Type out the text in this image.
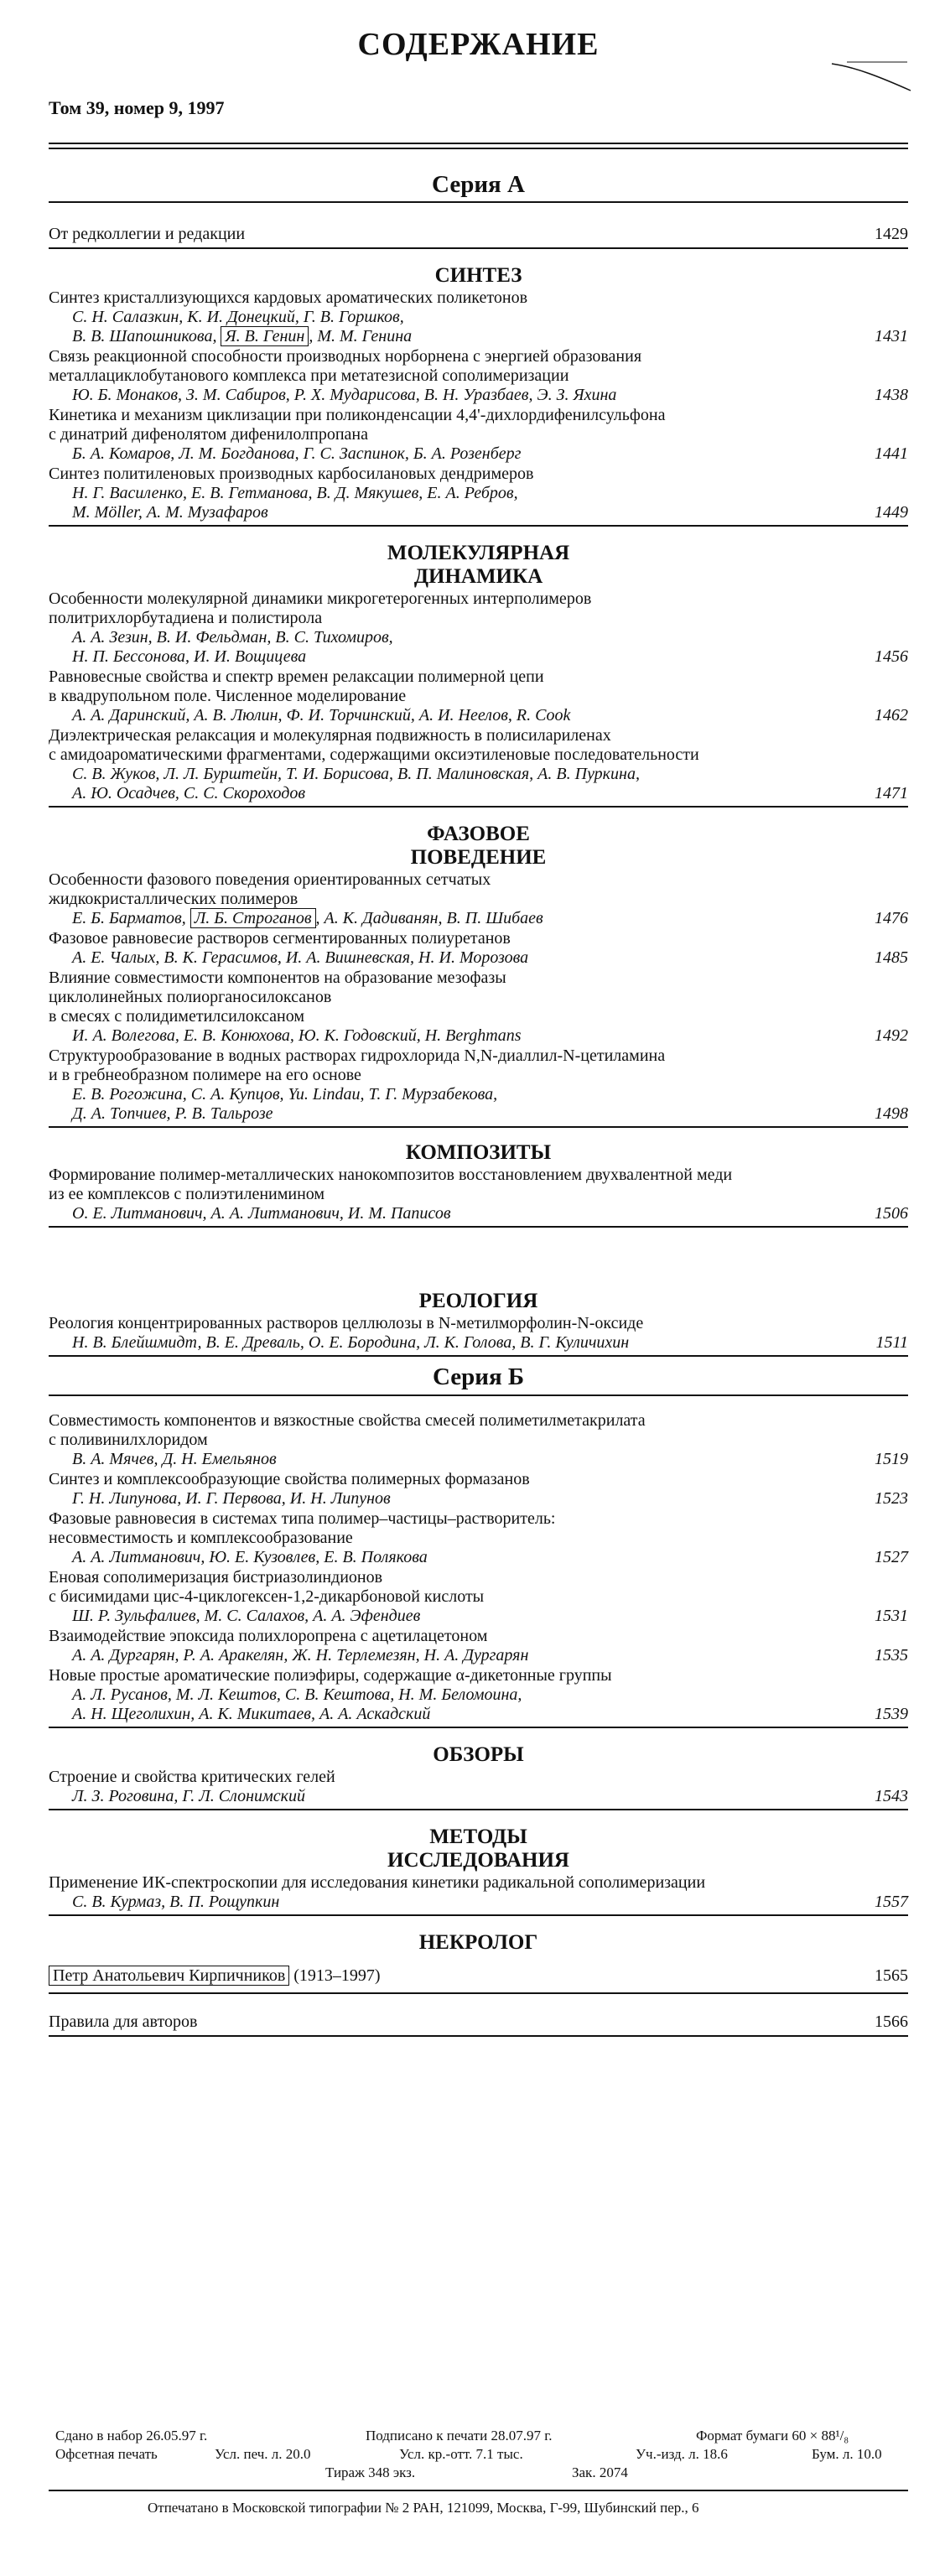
СОДЕРЖАНИЕ
Том 39, номер 9, 1997
Серия А
От редколлегии и редакции	1429
СИНТЕЗ
Синтез кристаллизующихся кардовых ароматических поликетонов
С. Н. Салазкин, К. И. Донецкий, Г. В. Горшков,
В. В. Шапошникова, Я. В. Генин , М. М. Генина	1431
Связь реакционной способности производных норборнена с энергией образования
металлациклобутанового комплекса при метатезисной сополимеризации
Ю. Б. Монаков, З. М. Сабиров, Р. Х. Мударисова, В. Н. Уразбаев, Э. З. Яхина	1438
Кинетика и механизм циклизации при поликонденсации 4,4'-дихлордифенилсульфона
с динатрий дифенолятом дифенилолпропана
Б. А. Комаров, Л. М. Богданова, Г. С. Заспинок, Б. А. Розенберг	1441
Синтез политиленовых производных карбосилановых дендримеров
Н. Г. Василенко, Е. В. Гетманова, В. Д. Мякушев, Е. А. Ребров,
M. Möller, А. М. Музафаров	1449
МОЛЕКУЛЯРНАЯ
ДИНАМИКА
Особенности молекулярной динамики микрогетерогенных интерполимеров
политрихлорбутадиена и полистирола
А. А. Зезин, В. И. Фельдман, В. С. Тихомиров,
Н. П. Бессонова, И. И. Вощицева	1456
Равновесные свойства и спектр времен релаксации полимерной цепи
в квадрупольном поле. Численное моделирование
А. А. Даринский, А. В. Люлин, Ф. И. Торчинский, А. И. Неелов, R. Cook	1462
Диэлектрическая релаксация и молекулярная подвижность в полисилариленах
с амидоароматическими фрагментами, содержащими оксиэтиленовые последовательности
С. В. Жуков, Л. Л. Бурштейн, Т. И. Борисова, В. П. Малиновская, А. В. Пуркина,
А. Ю. Осадчев, С. С. Скороходов	1471
ФАЗОВОЕ
ПОВЕДЕНИЕ
Особенности фазового поведения ориентированных сетчатых
жидкокристаллических полимеров
Е. Б. Барматов, Л. Б. Строганов , А. К. Дадиванян, В. П. Шибаев	1476
Фазовое равновесие растворов сегментированных полиуретанов
А. Е. Чалых, В. К. Герасимов, И. А. Вишневская, Н. И. Морозова	1485
Влияние совместимости компонентов на образование мезофазы
циклолинейных полиорганосилоксанов
в смесях с полидиметилсилоксаном
И. А. Волегова, Е. В. Конюхова, Ю. К. Годовский, H. Berghmans	1492
Структурообразование в водных растворах гидрохлорида N,N-диаллил-N-цетиламина
и в гребнеобразном полимере на его основе
Е. В. Рогожина, С. А. Купцов, Yu. Lindau, Т. Г. Мурзабекова,
Д. А. Топчиев, Р. В. Тальрозе	1498
КОМПОЗИТЫ
Формирование полимер-металлических нанокомпозитов восстановлением двухвалентной меди
из ее комплексов с полиэтиленимином
О. Е. Литманович, А. А. Литманович, И. М. Паписов	1506
РЕОЛОГИЯ
Реология концентрированных растворов целлюлозы в N-метилморфолин-N-оксиде
Н. В. Блейшмидт, В. Е. Древаль, О. Е. Бородина, Л. К. Голова, В. Г. Куличихин	1511
Серия Б
Совместимость компонентов и вязкостные свойства смесей полиметилметакрилата
с поливинилхлоридом
В. А. Мячев, Д. Н. Емельянов	1519
Синтез и комплексообразующие свойства полимерных формазанов
Г. Н. Липунова, И. Г. Первова, И. Н. Липунов	1523
Фазовые равновесия в системах типа полимер–частицы–растворитель:
несовместимость и комплексообразование
А. А. Литманович, Ю. Е. Кузовлев, Е. В. Полякова	1527
Еновая сополимеризация бистриазолиндионов
с бисимидами цис-4-циклогексен-1,2-дикарбоновой кислоты
Ш. Р. Зульфалиев, М. С. Салахов, А. А. Эфендиев	1531
Взаимодействие эпоксида полихлоропрена с ацетилацетоном
А. А. Дургарян, Р. А. Аракелян, Ж. Н. Терлемезян, Н. А. Дургарян	1535
Новые простые ароматические полиэфиры, содержащие α-дикетонные группы
А. Л. Русанов, М. Л. Кештов, С. В. Кештова, Н. М. Беломоина,
А. Н. Щеголихин, А. К. Микитаев, А. А. Аскадский	1539
ОБЗОРЫ
Строение и свойства критических гелей
Л. З. Роговина, Г. Л. Слонимский	1543
МЕТОДЫ
ИССЛЕДОВАНИЯ
Применение ИК-спектроскопии для исследования кинетики радикальной сополимеризации
С. В. Курмаз, В. П. Рощупкин	1557
НЕКРОЛОГ
Петр Анатольевич Кирпичников (1913–1997)	1565
Правила для авторов	1566
Сдано в набор 26.05.97 г.	Подписано к печати 28.07.97 г.	Формат бумаги 60 × 88¹/₈
Офсетная печать	Усл. печ. л. 20.0	Усл. кр.-отт. 7.1 тыс.	Уч.-изд. л. 18.6	Бум. л. 10.0
Тираж 348 экз.	Зак. 2074
Отпечатано в Московской типографии № 2 РАН, 121099, Москва, Г-99, Шубинский пер., 6
